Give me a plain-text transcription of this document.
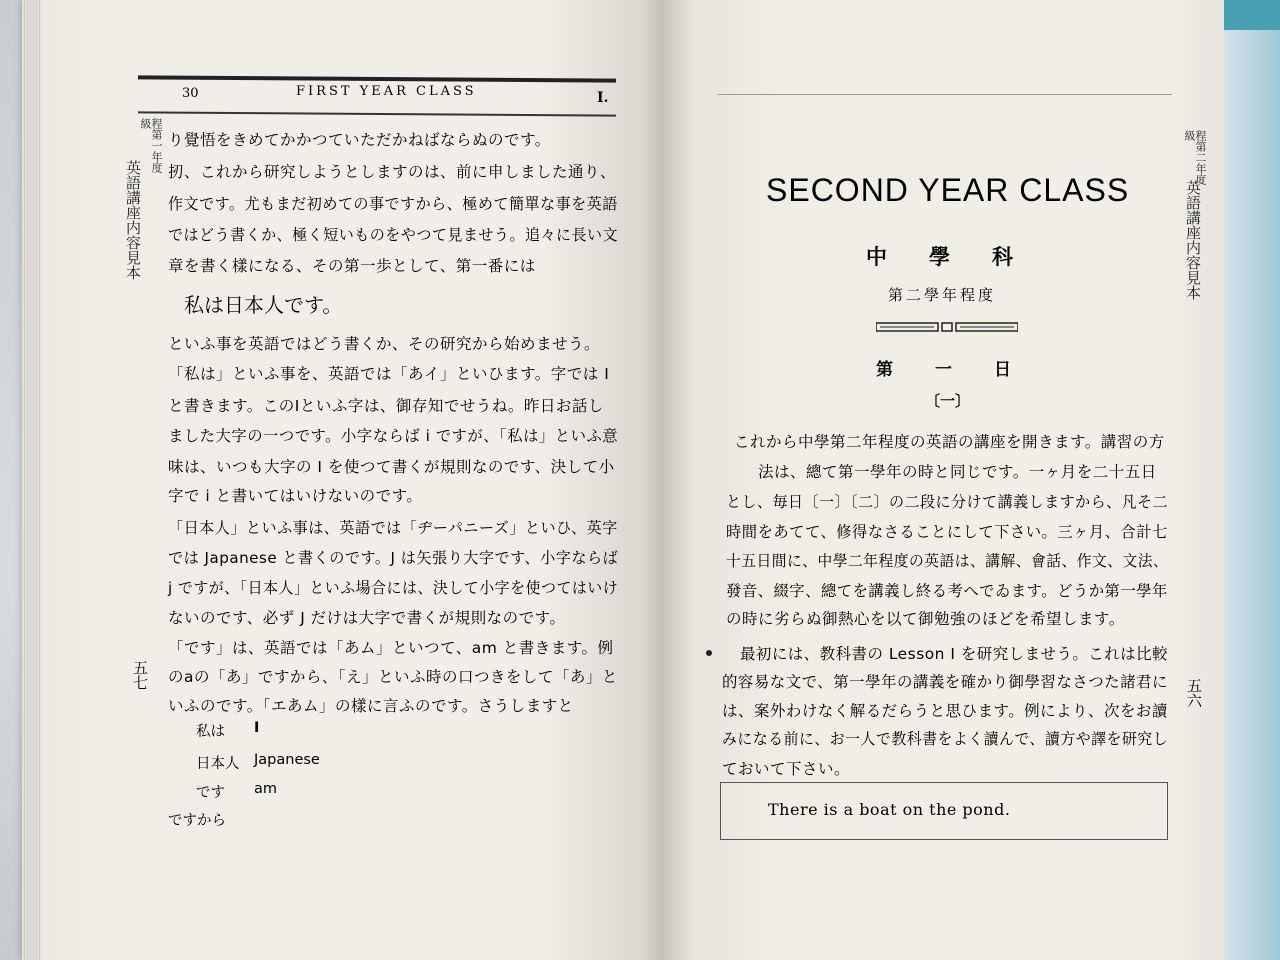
30	FIRST YEAR CLASS	I.
程第一年度級
英語講座内容見本
五七
り覺悟をきめてかかつていただかねばならぬのです。
扨、これから研究しようとしますのは、前に申しました通り、
作文です。尤もまだ初めての事ですから、極めて簡單な事を英語
ではどう書くか、極く短いものをやつて見ませう。追々に長い文
章を書く樣になる、その第一歩として、第一番には
私は日本人です。
といふ事を英語ではどう書くか、その研究から始めませう。
「私は」といふ事を、英語では「あイ」といひます。字では I
と書きます。このIといふ字は、御存知でせうね。昨日お話し
ました大字の一つです。小字ならば i ですが、「私は」といふ意
味は、いつも大字の I を使つて書くが規則なのです、決して小
字で i と書いてはいけないのです。
「日本人」といふ事は、英語では「ヂーパニーズ」といひ、英字
では Japanese と書くのです。J は矢張り大字です、小字ならば
j ですが、「日本人」といふ場合には、決して小字を使つてはいけ
ないのです、必ず J だけは大字で書くが規則なのです。
「です」は、英語では「あム」といつて、am と書きます。例
のaの「あ」ですから、「え」といふ時の口つきをして「あ」と
いふのです。「エあム」の樣に言ふのです。さうしますと
私は I
日本人 Japanese
です am
ですから
SECOND YEAR CLASS
中學科
第二學年程度
第一日
〔一〕
程第二年度級
英語講座内容見本
五六
これから中學第二年程度の英語の講座を開きます。講習の方
法は、總て第一學年の時と同じです。一ヶ月を二十五日
とし、毎日〔一〕〔二〕の二段に分けて講義しますから、凡そ二
時間をあてて、修得なさることにして下さい。三ヶ月、合計七
十五日間に、中學二年程度の英語は、講解、會話、作文、文法、
發音、綴字、總てを講義し終る考へでゐます。どうか第一學年
の時に劣らぬ御熱心を以て御勉強のほどを希望します。
最初には、教科書の Lesson I を研究しませう。これは比較
的容易な文で、第一學年の講義を確かり御學習なさつた諸君に
は、案外わけなく解るだらうと思ひます。例により、次をお讀
みになる前に、お一人で教科書をよく讀んで、讀方や譯を研究し
ておいて下さい。
There is a boat on the pond.
